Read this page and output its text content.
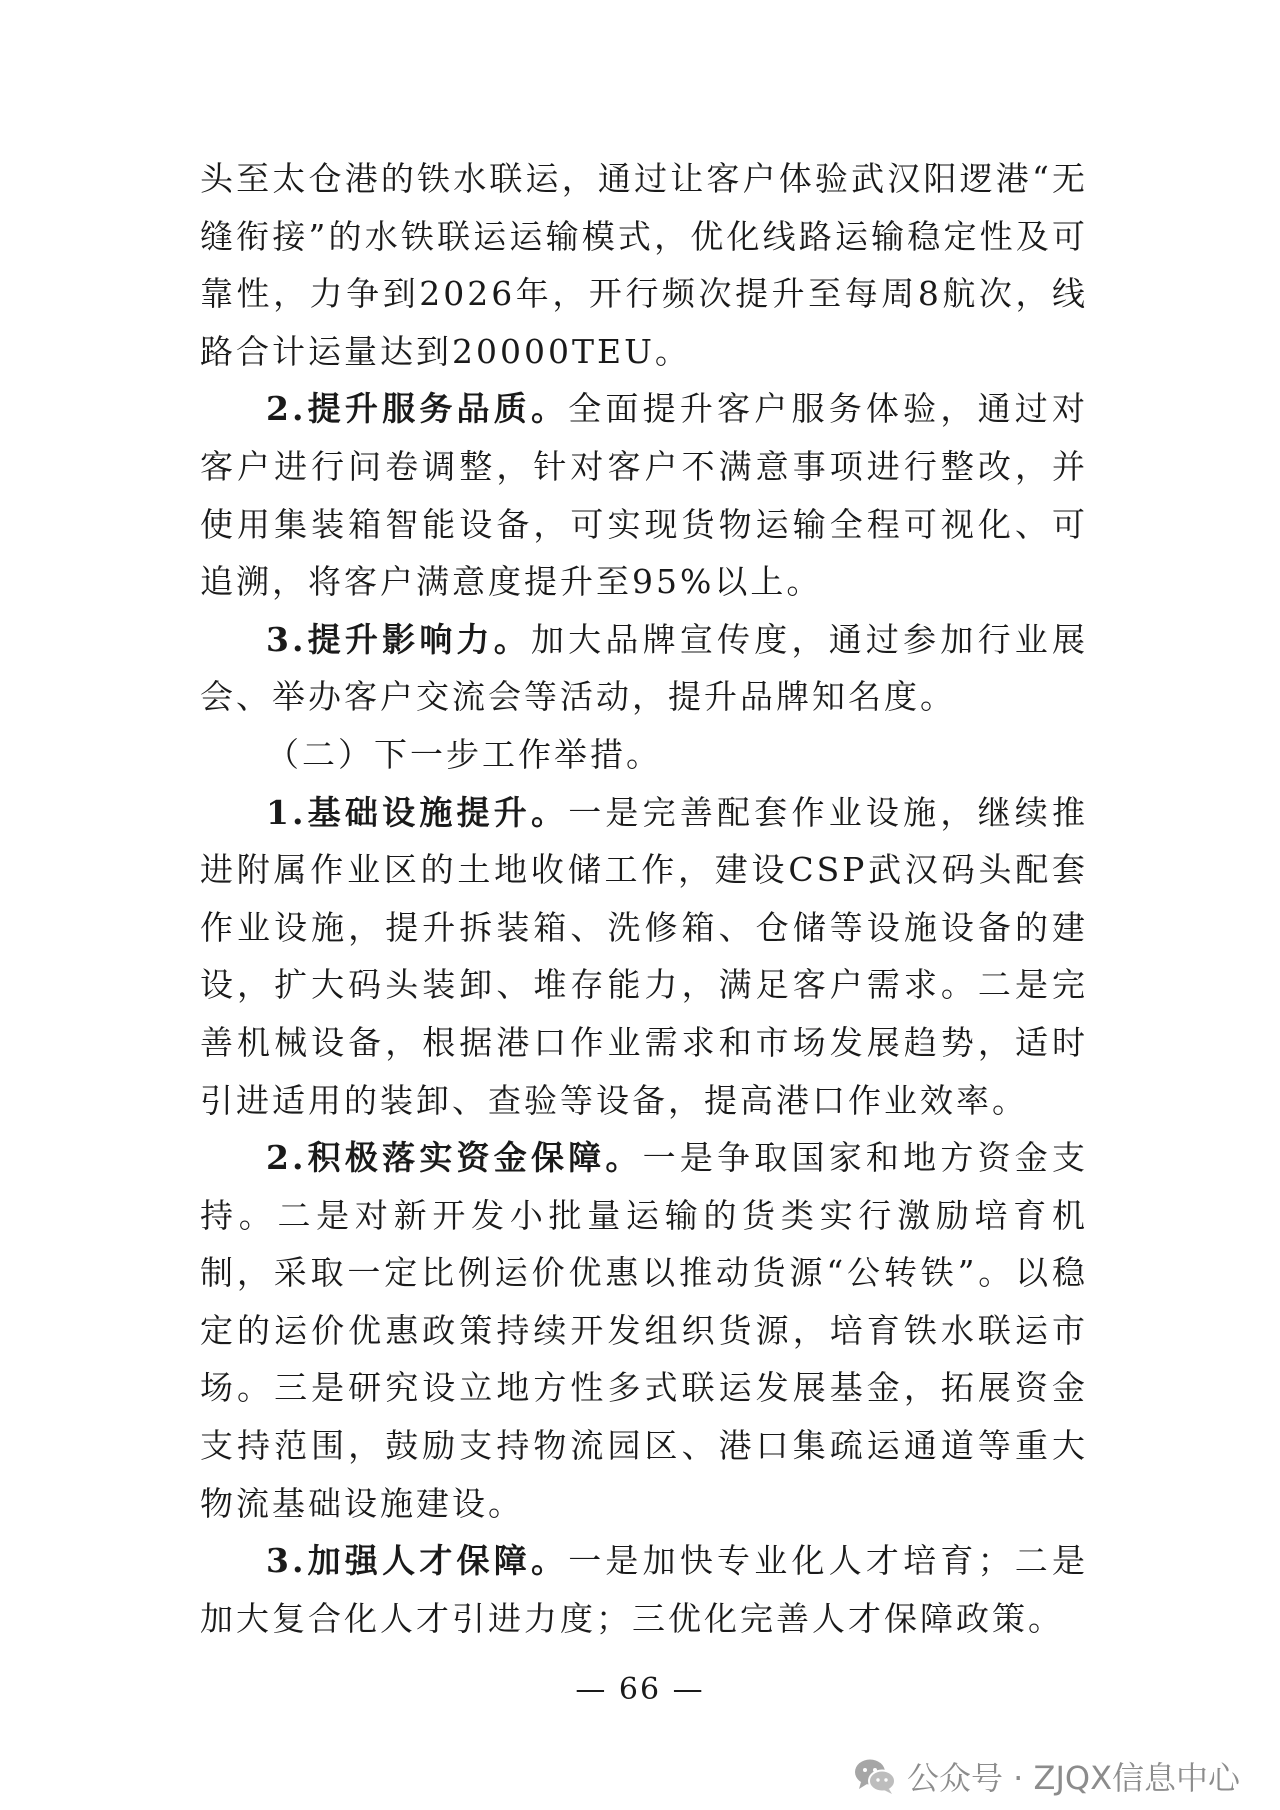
头至太仓港的铁水联运，通过让客户体验武汉阳逻港“无缝衔接”的水铁联运运输模式，优化线路运输稳定性及可靠性，力争到2026年，开行频次提升至每周8航次，线路合计运量达到20000TEU。

2.提升服务品质。全面提升客户服务体验，通过对客户进行问卷调整，针对客户不满意事项进行整改，并使用集装箱智能设备，可实现货物运输全程可视化、可追溯，将客户满意度提升至95%以上。

3.提升影响力。加大品牌宣传度，通过参加行业展会、举办客户交流会等活动，提升品牌知名度。

（二）下一步工作举措。

1.基础设施提升。一是完善配套作业设施，继续推进附属作业区的土地收储工作，建设CSP武汉码头配套作业设施，提升拆装箱、洗修箱、仓储等设施设备的建设，扩大码头装卸、堆存能力，满足客户需求。二是完善机械设备，根据港口作业需求和市场发展趋势，适时引进适用的装卸、查验等设备，提高港口作业效率。

2.积极落实资金保障。一是争取国家和地方资金支持。二是对新开发小批量运输的货类实行激励培育机制，采取一定比例运价优惠以推动货源“公转铁”。以稳定的运价优惠政策持续开发组织货源，培育铁水联运市场。三是研究设立地方性多式联运发展基金，拓展资金支持范围，鼓励支持物流园区、港口集疏运通道等重大物流基础设施建设。

3.加强人才保障。一是加快专业化人才培育；二是加大复合化人才引进力度；三优化完善人才保障政策。

— 66 —
公众号 · ZJQX信息中心
